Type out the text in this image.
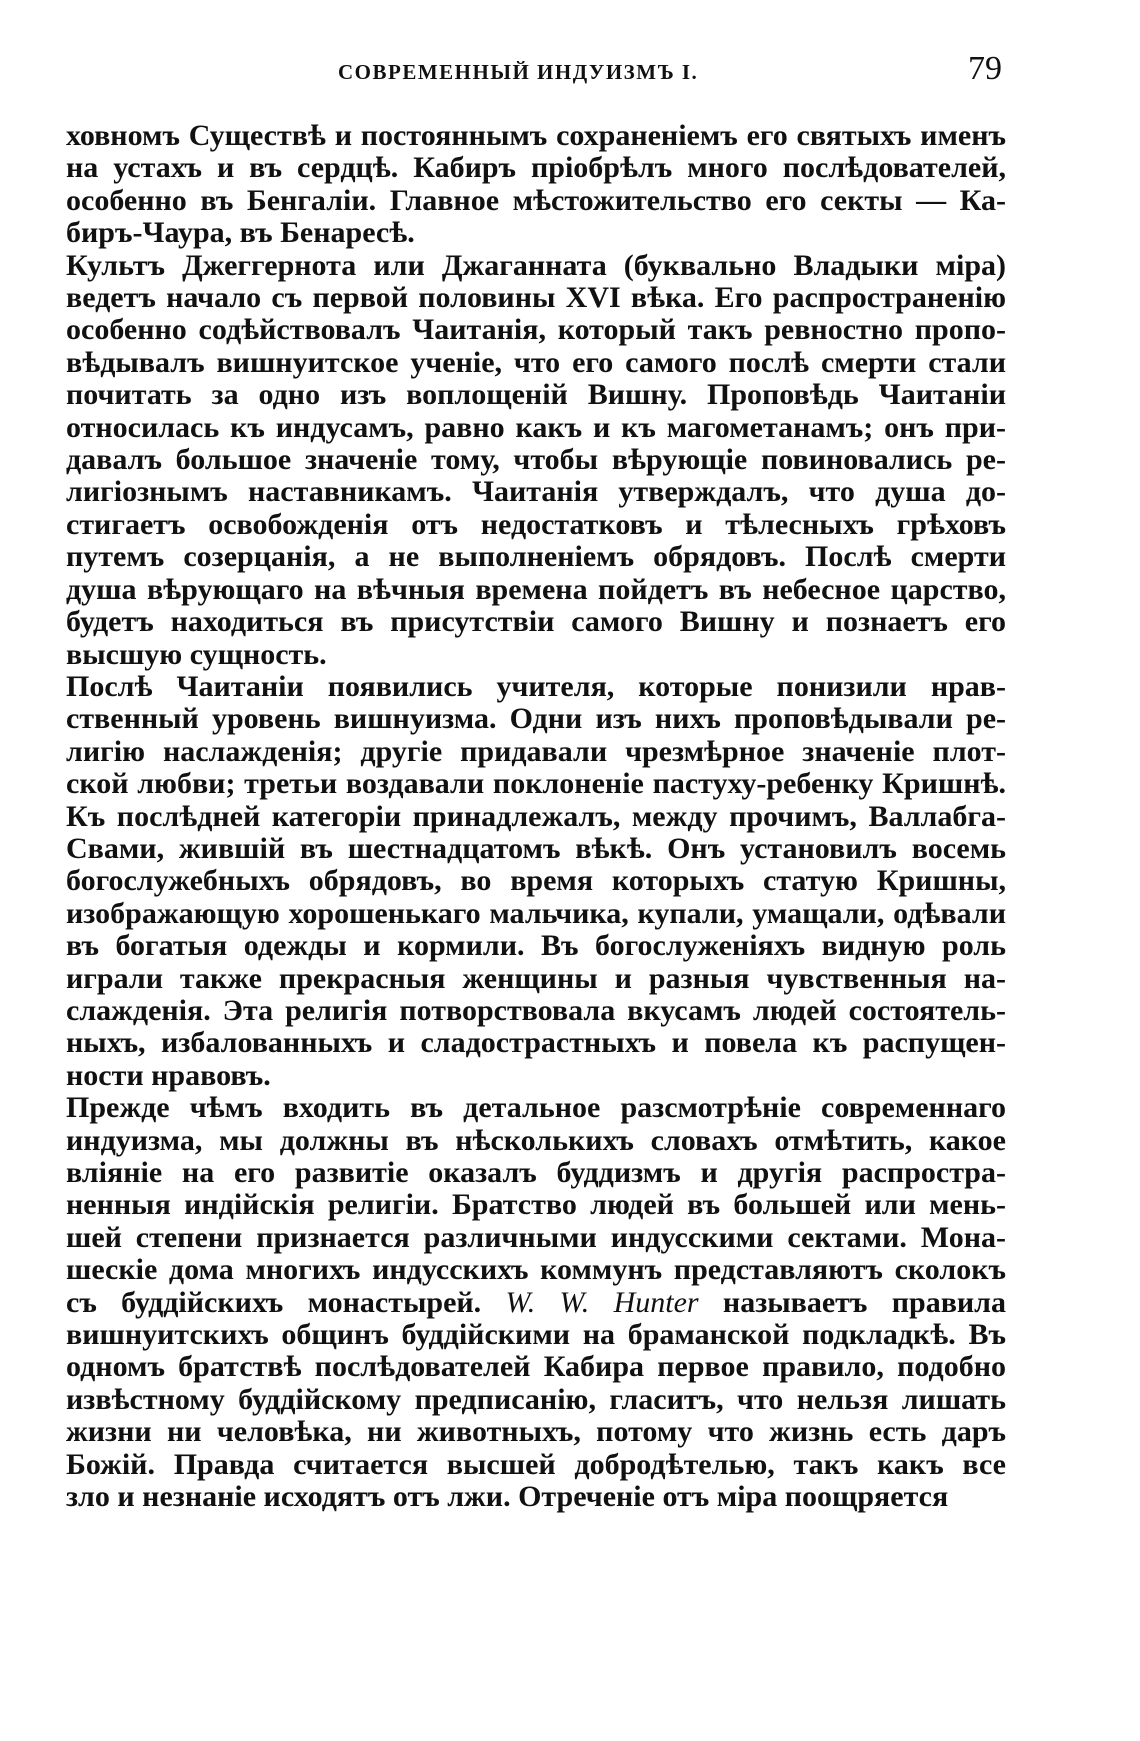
СОВРЕМЕННЫЙ ИНДУИЗМЪ I.	79

ховномъ Существѣ и постояннымъ сохраненіемъ его святыхъ именъ
на устахъ и въ сердцѣ. Кабиръ пріобрѣлъ много послѣдователей,
особенно въ Бенгаліи. Главное мѣстожительство его секты — Ка-
биръ-Чаура, въ Бенаресѣ.

Культъ Джеггернота или Джаганната (буквально Владыки міра)
ведетъ начало съ первой половины XVI вѣка. Его распространенію
особенно содѣйствовалъ Чаитанія, который такъ ревностно пропо-
вѣдывалъ вишнуитское ученіе, что его самого послѣ смерти стали
почитать за одно изъ воплощеній Вишну. Проповѣдь Чаитаніи
относилась къ индусамъ, равно какъ и къ магометанамъ; онъ при-
давалъ большое значеніе тому, чтобы вѣрующіе повиновались ре-
лигіознымъ наставникамъ. Чаитанія утверждалъ, что душа до-
стигаетъ освобожденія отъ недостатковъ и тѣлесныхъ грѣховъ
путемъ созерцанія, а не выполненіемъ обрядовъ. Послѣ смерти
душа вѣрующаго на вѣчныя времена пойдетъ въ небесное царство,
будетъ находиться въ присутствіи самого Вишну и познаетъ его
высшую сущность.

Послѣ Чаитаніи появились учителя, которые понизили нрав-
ственный уровень вишнуизма. Одни изъ нихъ проповѣдывали ре-
лигію наслажденія; другіе придавали чрезмѣрное значеніе плот-
ской любви; третьи воздавали поклоненіе пастуху-ребенку Кришнѣ.
Къ послѣдней категоріи принадлежалъ, между прочимъ, Валлабга-
Свами, жившій въ шестнадцатомъ вѣкѣ. Онъ установилъ восемь
богослужебныхъ обрядовъ, во время которыхъ статую Кришны,
изображающую хорошенькаго мальчика, купали, умащали, одѣвали
въ богатыя одежды и кормили. Въ богослуженіяхъ видную роль
играли также прекрасныя женщины и разныя чувственныя на-
слажденія. Эта религія потворствовала вкусамъ людей состоятель-
ныхъ, избалованныхъ и сладострастныхъ и повела къ распущен-
ности нравовъ.

Прежде чѣмъ входить въ детальное разсмотрѣніе современнаго
индуизма, мы должны въ нѣсколькихъ словахъ отмѣтить, какое
вліяніе на его развитіе оказалъ буддизмъ и другія распростра-
ненныя индійскія религіи. Братство людей въ большей или мень-
шей степени признается различными индусскими сектами. Мона-
шескіе дома многихъ индусскихъ коммунъ представляютъ сколокъ
съ буддійскихъ монастырей. W. W. Hunter называетъ правила
вишнуитскихъ общинъ буддійскими на браманской подкладкѣ. Въ
одномъ братствѣ послѣдователей Кабира первое правило, подобно
извѣстному буддійскому предписанію, гласитъ, что нельзя лишать
жизни ни человѣка, ни животныхъ, потому что жизнь есть даръ
Божій. Правда считается высшей добродѣтелью, такъ какъ все
зло и незнаніе исходятъ отъ лжи. Отреченіе отъ міра поощряется
